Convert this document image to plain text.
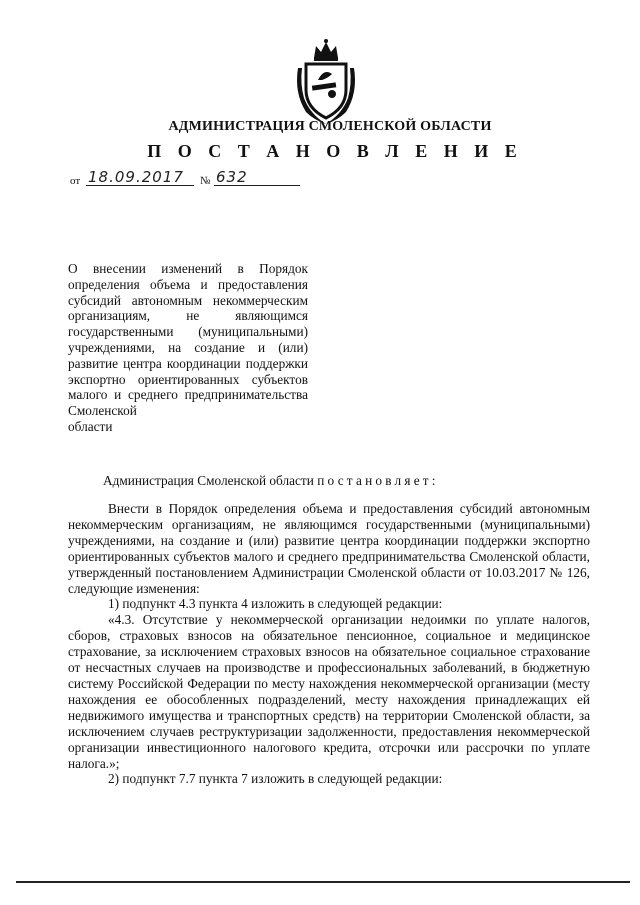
АДМИНИСТРАЦИЯ СМОЛЕНСКОЙ ОБЛАСТИ
П О С Т А Н О В Л Е Н И Е
от 18.09.2017 № 632
О внесении изменений в Порядок определения объема и предоставления субсидий автономным некоммерческим организациям, не являющимся государственными (муниципальными) учреждениями, на создание и (или) развитие центра координации поддержки экспортно ориентированных субъектов малого и среднего предпринимательства Смоленской
области
Администрация Смоленской области постановляет:

Внести в Порядок определения объема и предоставления субсидий автономным некоммерческим организациям, не являющимся государственными (муниципальными) учреждениями, на создание и (или) развитие центра координации поддержки экспортно ориентированных субъектов малого и среднего предпринимательства Смоленской области, утвержденный постановлением Администрации Смоленской области от 10.03.2017 № 126, следующие изменения:

1) подпункт 4.3 пункта 4 изложить в следующей редакции:

«4.3. Отсутствие у некоммерческой организации недоимки по уплате налогов, сборов, страховых взносов на обязательное пенсионное, социальное и медицинское страхование, за исключением страховых взносов на обязательное социальное страхование от несчастных случаев на производстве и профессиональных заболеваний, в бюджетную систему Российской Федерации по месту нахождения некоммерческой организации (месту нахождения ее обособленных подразделений, месту нахождения принадлежащих ей недвижимого имущества и транспортных средств) на территории Смоленской области, за исключением случаев реструктуризации задолженности, предоставления некоммерческой организации инвестиционного налогового кредита, отсрочки или рассрочки по уплате налога.»;

2) подпункт 7.7 пункта 7 изложить в следующей редакции:
